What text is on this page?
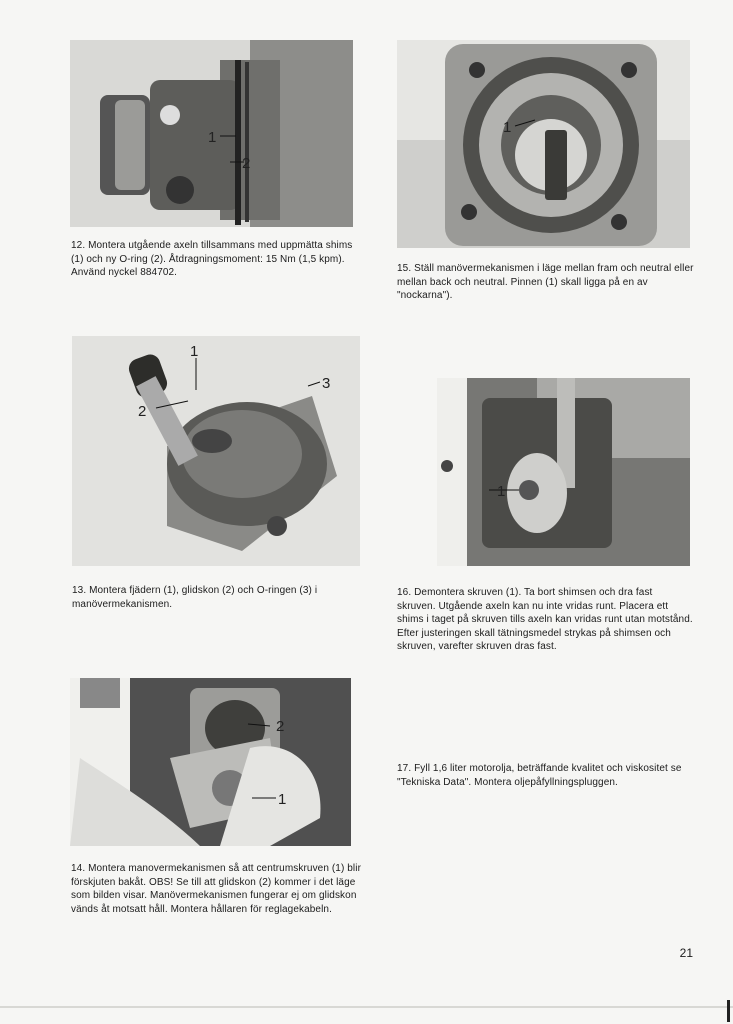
1
2
1
1
2
3
1
2
1

12. Montera utgående axeln tillsammans med uppmätta shims (1) och ny O-ring (2). Åtdragningsmoment: 15 Nm (1,5 kpm). Använd nyckel 884702.	15. Ställ manövermekanismen i läge mellan fram och neutral eller mellan back och neutral. Pinnen (1) skall ligga på en av "nockarna").

13. Montera fjädern (1), glidskon (2) och O-ringen (3) i manövermekanismen.

16. Demontera skruven (1). Ta bort shimsen och dra fast skruven. Utgående axeln kan nu inte vridas runt. Placera ett shims i taget på skruven tills axeln kan vridas runt utan motstånd. Efter justeringen skall tätningsmedel strykas på shimsen och skruven, varefter skruven dras fast.

17. Fyll 1,6 liter motorolja, beträffande kvalitet och viskositet se "Tekniska Data". Montera oljepåfyllningspluggen.

14. Montera manovermekanismen så att centrumskruven (1) blir förskjuten bakåt. OBS! Se till att glidskon (2) kommer i det läge som bilden visar. Manövermekanismen fungerar ej om glidskon vänds åt motsatt håll. Montera hållaren för reglagekabeln.

21
